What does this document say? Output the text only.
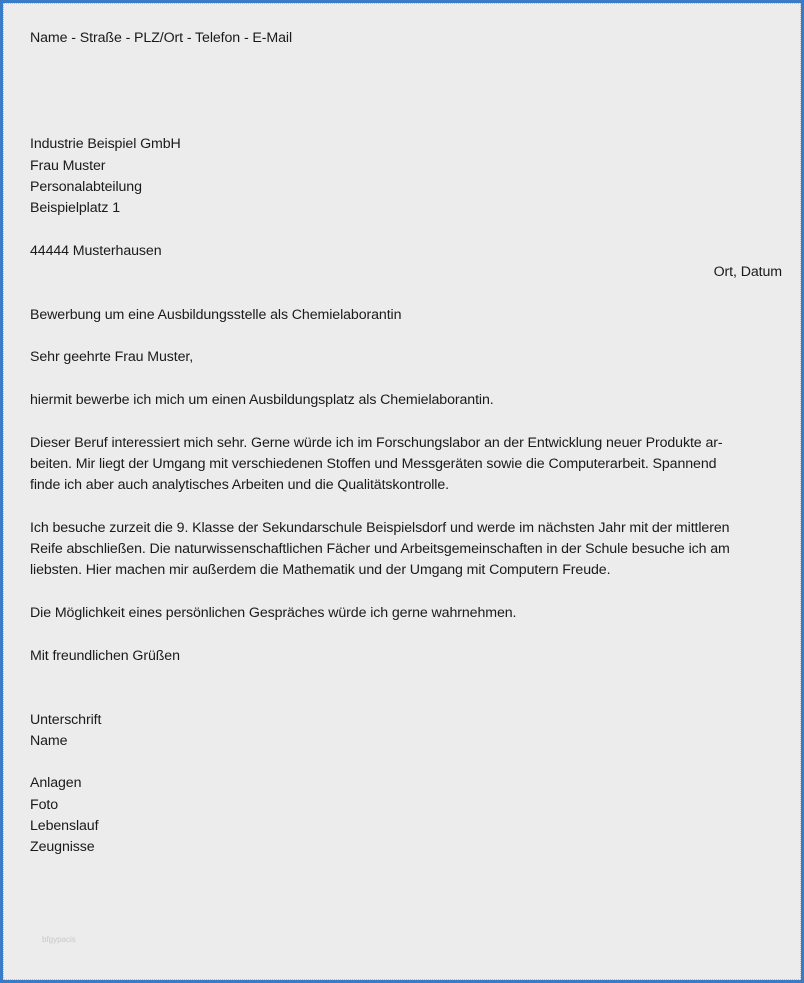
Name - Straße - PLZ/Ort - Telefon - E-Mail
Industrie Beispiel GmbH
Frau Muster
Personalabteilung
Beispielplatz 1
44444 Musterhausen
Ort, Datum
Bewerbung um eine Ausbildungsstelle als Chemielaborantin
Sehr geehrte Frau Muster,
hiermit bewerbe ich mich um einen Ausbildungsplatz als Chemielaborantin.
Dieser Beruf interessiert mich sehr. Gerne würde ich im Forschungslabor an der Entwicklung neuer Produkte ar-
beiten. Mir liegt der Umgang mit verschiedenen Stoffen und Messgeräten sowie die Computerarbeit. Spannend
finde ich aber auch analytisches Arbeiten und die Qualitätskontrolle.
Ich besuche zurzeit die 9. Klasse der Sekundarschule Beispielsdorf und werde im nächsten Jahr mit der mittleren
Reife abschließen. Die naturwissenschaftlichen Fächer und Arbeitsgemeinschaften in der Schule besuche ich am
liebsten. Hier machen mir außerdem die Mathematik und der Umgang mit Computern Freude.
Die Möglichkeit eines persönlichen Gespräches würde ich gerne wahrnehmen.
Mit freundlichen Grüßen
Unterschrift
Name
Anlagen
Foto
Lebenslauf
Zeugnisse
bfgypacis
